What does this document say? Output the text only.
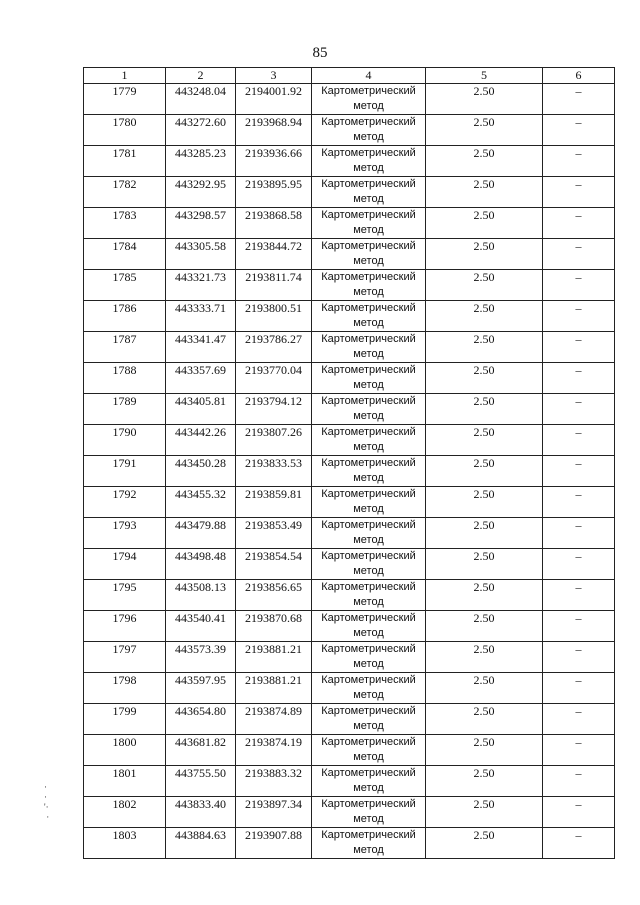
85
1	2	3	4	5	6
1779	443248.04	2194001.92	Картометрический метод	2.50	–
1780	443272.60	2193968.94	Картометрический метод	2.50	–
1781	443285.23	2193936.66	Картометрический метод	2.50	–
1782	443292.95	2193895.95	Картометрический метод	2.50	–
1783	443298.57	2193868.58	Картометрический метод	2.50	–
1784	443305.58	2193844.72	Картометрический метод	2.50	–
1785	443321.73	2193811.74	Картометрический метод	2.50	–
1786	443333.71	2193800.51	Картометрический метод	2.50	–
1787	443341.47	2193786.27	Картометрический метод	2.50	–
1788	443357.69	2193770.04	Картометрический метод	2.50	–
1789	443405.81	2193794.12	Картометрический метод	2.50	–
1790	443442.26	2193807.26	Картометрический метод	2.50	–
1791	443450.28	2193833.53	Картометрический метод	2.50	–
1792	443455.32	2193859.81	Картометрический метод	2.50	–
1793	443479.88	2193853.49	Картометрический метод	2.50	–
1794	443498.48	2193854.54	Картометрический метод	2.50	–
1795	443508.13	2193856.65	Картометрический метод	2.50	–
1796	443540.41	2193870.68	Картометрический метод	2.50	–
1797	443573.39	2193881.21	Картометрический метод	2.50	–
1798	443597.95	2193881.21	Картометрический метод	2.50	–
1799	443654.80	2193874.89	Картометрический метод	2.50	–
1800	443681.82	2193874.19	Картометрический метод	2.50	–
1801	443755.50	2193883.32	Картометрический метод	2.50	–
1802	443833.40	2193897.34	Картометрический метод	2.50	–
1803	443884.63	2193907.88	Картометрический метод	2.50	–
·
·
'·
·
